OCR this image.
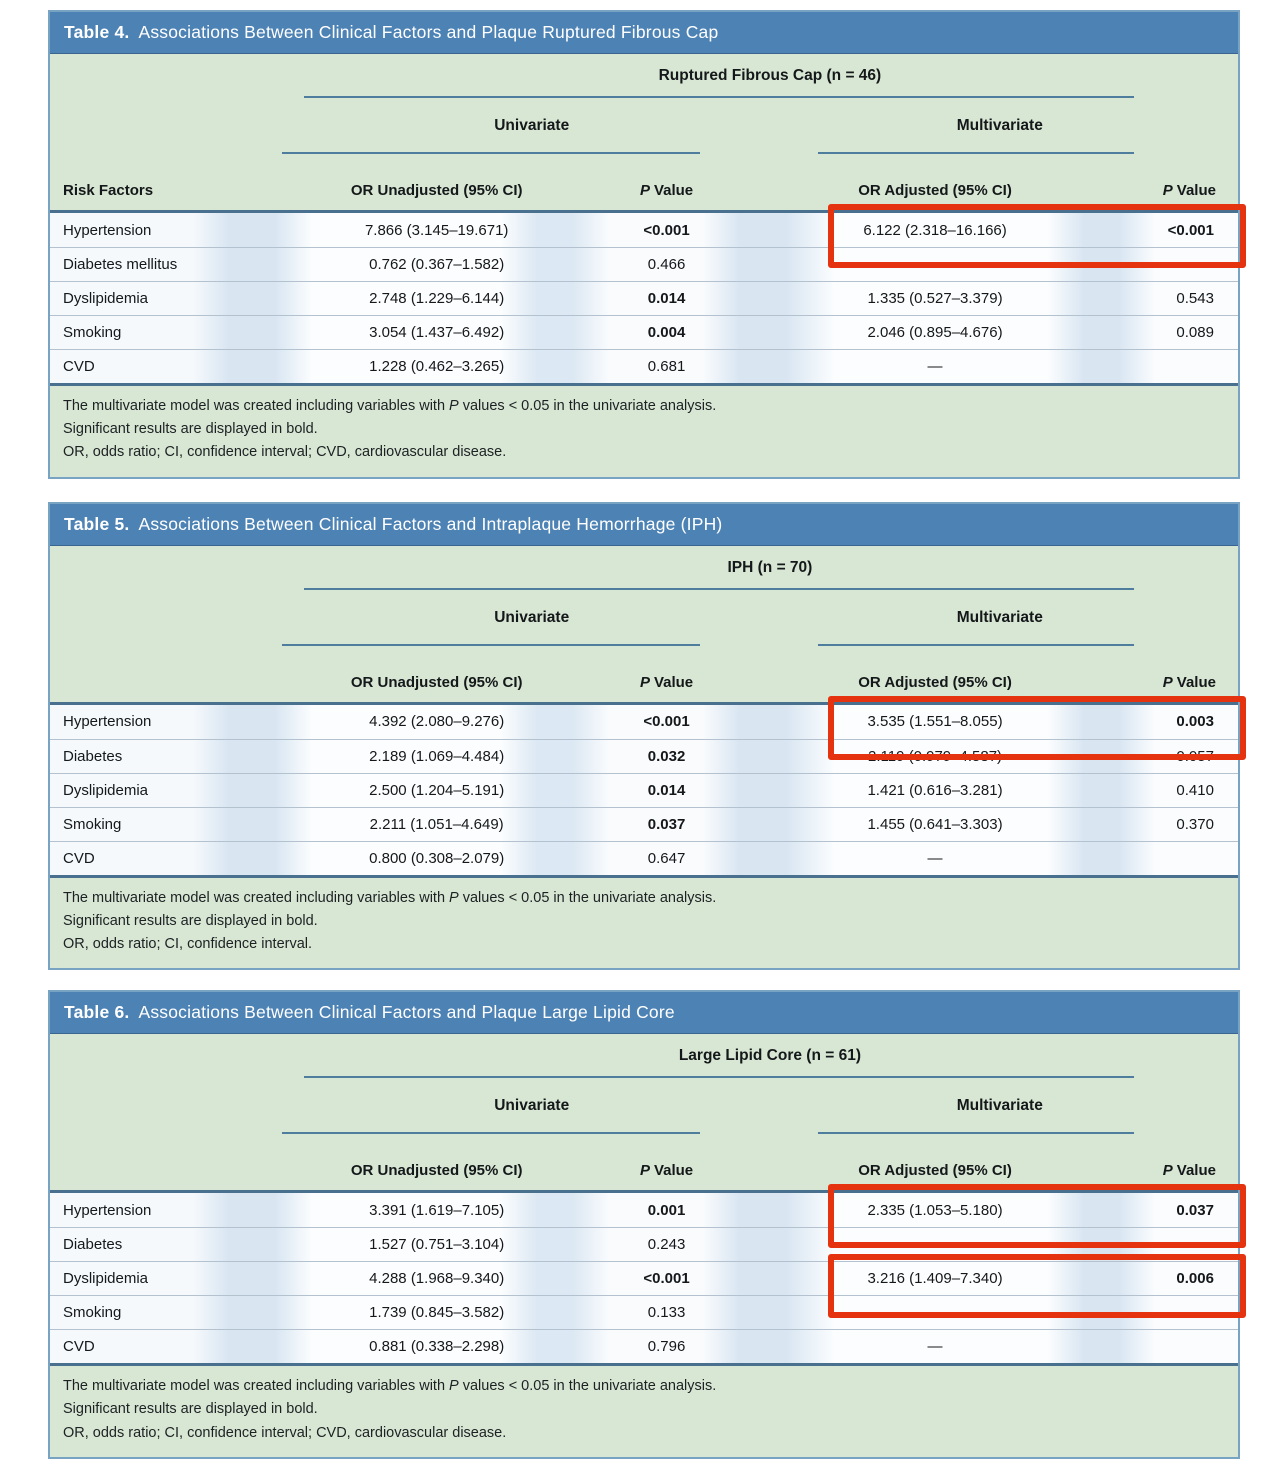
Table 4. Associations Between Clinical Factors and Plaque Ruptured Fibrous Cap
Ruptured Fibrous Cap (n = 46)
Univariate	Multivariate
Risk Factors	OR Unadjusted (95% CI)	P Value	OR Adjusted (95% CI)	P Value
Hypertension	7.866 (3.145–19.671)	<0.001	6.122 (2.318–16.166)	<0.001
Diabetes mellitus	0.762 (0.367–1.582)	0.466	—
Dyslipidemia	2.748 (1.229–6.144)	0.014	1.335 (0.527–3.379)	0.543
Smoking	3.054 (1.437–6.492)	0.004	2.046 (0.895–4.676)	0.089
CVD	1.228 (0.462–3.265)	0.681	—
The multivariate model was created including variables with P values < 0.05 in the univariate analysis.
Significant results are displayed in bold.
OR, odds ratio; CI, confidence interval; CVD, cardiovascular disease.
Table 5. Associations Between Clinical Factors and Intraplaque Hemorrhage (IPH)
IPH (n = 70)
Univariate	Multivariate
OR Unadjusted (95% CI)	P Value	OR Adjusted (95% CI)	P Value
Hypertension	4.392 (2.080–9.276)	<0.001	3.535 (1.551–8.055)	0.003
Diabetes	2.189 (1.069–4.484)	0.032	2.119 (0.979–4.587)	0.057
Dyslipidemia	2.500 (1.204–5.191)	0.014	1.421 (0.616–3.281)	0.410
Smoking	2.211 (1.051–4.649)	0.037	1.455 (0.641–3.303)	0.370
CVD	0.800 (0.308–2.079)	0.647	—
The multivariate model was created including variables with P values < 0.05 in the univariate analysis.
Significant results are displayed in bold.
OR, odds ratio; CI, confidence interval.
Table 6. Associations Between Clinical Factors and Plaque Large Lipid Core
Large Lipid Core (n = 61)
Univariate	Multivariate
OR Unadjusted (95% CI)	P Value	OR Adjusted (95% CI)	P Value
Hypertension	3.391 (1.619–7.105)	0.001	2.335 (1.053–5.180)	0.037
Diabetes	1.527 (0.751–3.104)	0.243	-
Dyslipidemia	4.288 (1.968–9.340)	<0.001	3.216 (1.409–7.340)	0.006
Smoking	1.739 (0.845–3.582)	0.133	—
CVD	0.881 (0.338–2.298)	0.796	—
The multivariate model was created including variables with P values < 0.05 in the univariate analysis.
Significant results are displayed in bold.
OR, odds ratio; CI, confidence interval; CVD, cardiovascular disease.
